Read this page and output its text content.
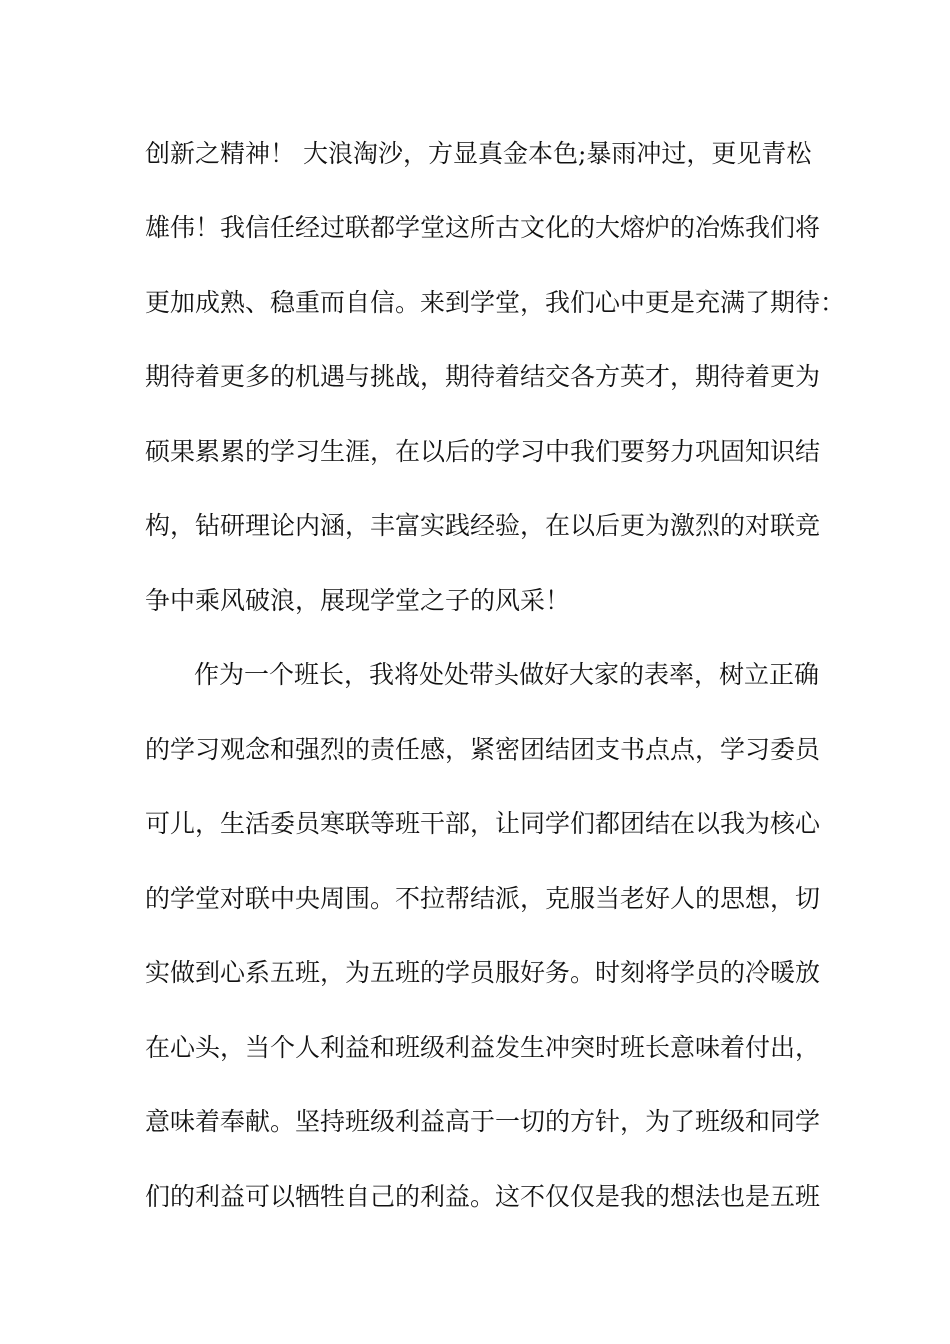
创新之精神！ 大浪淘沙，方显真金本色;暴雨冲过，更见青松
雄伟！我信任经过联都学堂这所古文化的大熔炉的冶炼我们将
更加成熟、稳重而自信。来到学堂，我们心中更是充满了期待：
期待着更多的机遇与挑战，期待着结交各方英才，期待着更为
硕果累累的学习生涯，在以后的学习中我们要努力巩固知识结
构，钻研理论内涵，丰富实践经验，在以后更为激烈的对联竞
争中乘风破浪，展现学堂之子的风采！
作为一个班长，我将处处带头做好大家的表率，树立正确
的学习观念和强烈的责任感，紧密团结团支书点点，学习委员
可儿，生活委员寒联等班干部，让同学们都团结在以我为核心
的学堂对联中央周围。不拉帮结派，克服当老好人的思想，切
实做到心系五班，为五班的学员服好务。时刻将学员的冷暖放
在心头，当个人利益和班级利益发生冲突时班长意味着付出，
意味着奉献。坚持班级利益高于一切的方针，为了班级和同学
们的利益可以牺牲自己的利益。这不仅仅是我的想法也是五班
